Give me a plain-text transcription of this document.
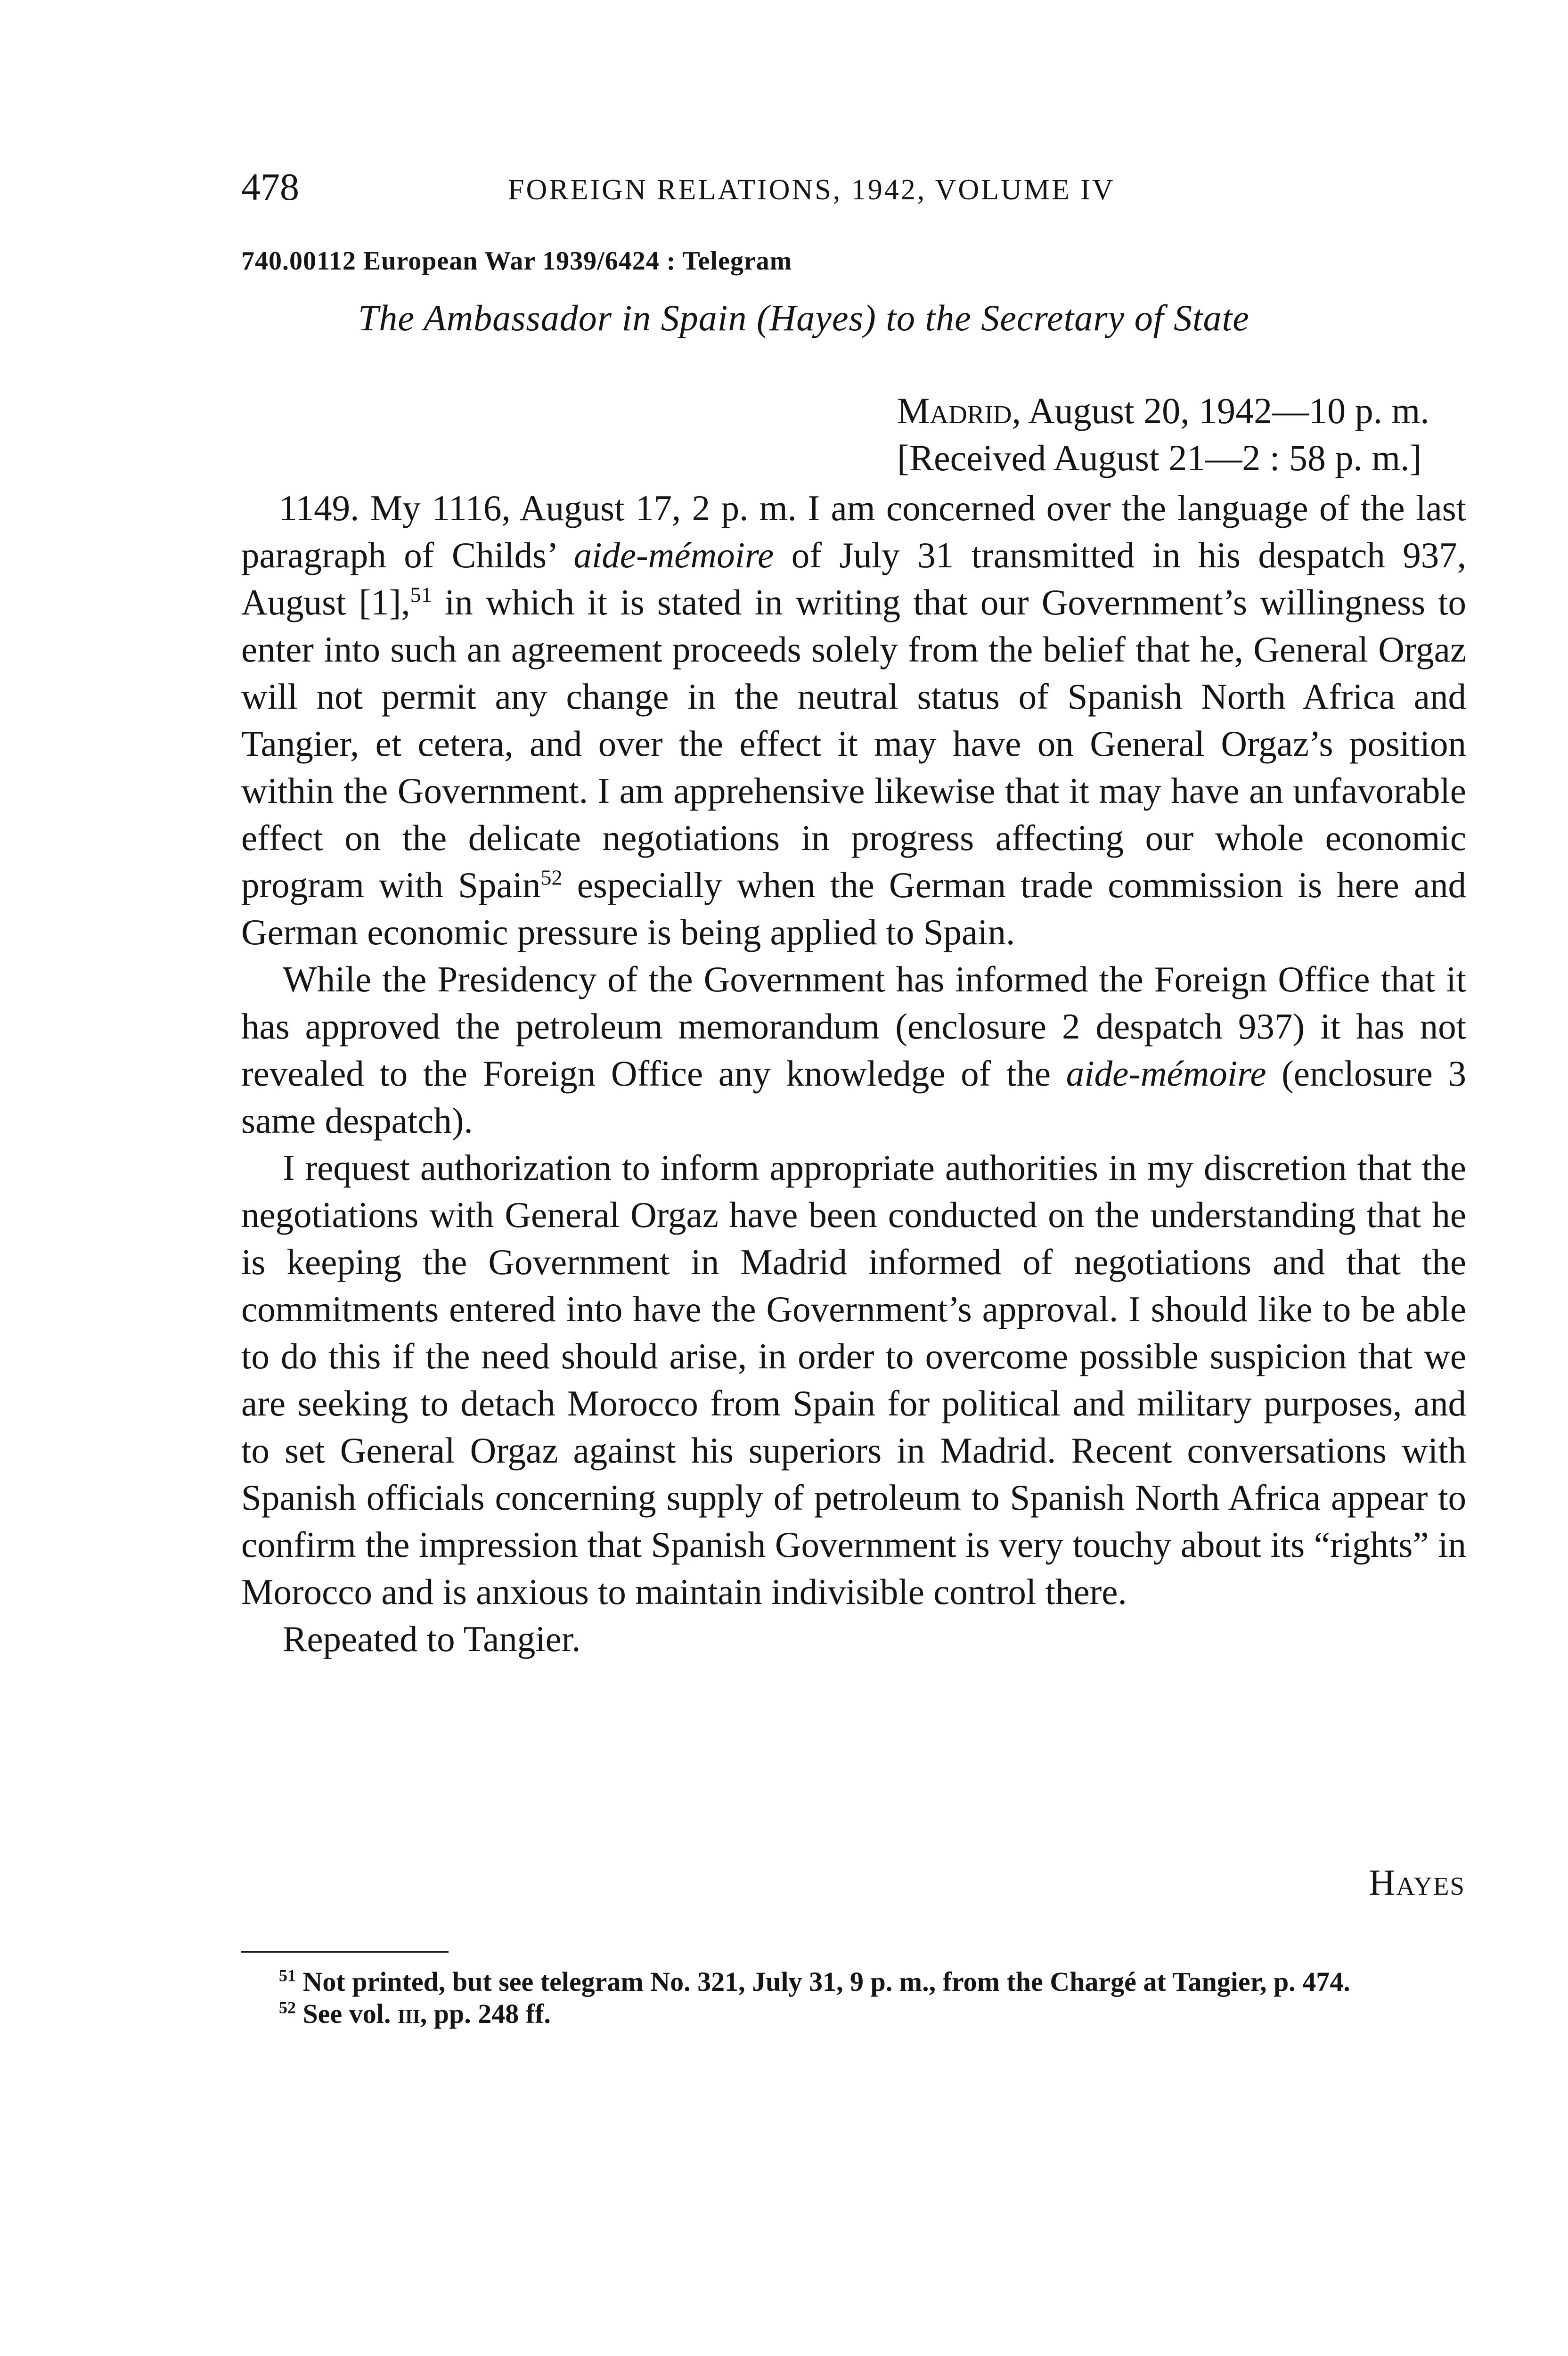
478	FOREIGN RELATIONS, 1942, VOLUME IV
740.00112 European War 1939/6424 : Telegram
The Ambassador in Spain (Hayes) to the Secretary of State
Madrid, August 20, 1942—10 p. m.
[Received August 21—2 : 58 p. m.]

1149. My 1116, August 17, 2 p. m. I am concerned over the language of the last paragraph of Childs’ aide-mémoire of July 31 transmitted in his despatch 937, August [1],$^{51}$ in which it is stated in writing that our Government’s willingness to enter into such an agreement proceeds solely from the belief that he, General Orgaz will not permit any change in the neutral status of Spanish North Africa and Tangier, et cetera, and over the effect it may have on General Orgaz’s position within the Government. I am apprehensive likewise that it may have an unfavorable effect on the delicate negotiations in progress affecting our whole economic program with Spain$^{52}$ especially when the German trade commission is here and German economic pressure is being applied to Spain.

While the Presidency of the Government has informed the Foreign Office that it has approved the petroleum memorandum (enclosure 2 despatch 937) it has not revealed to the Foreign Office any knowledge of the aide-mémoire (enclosure 3 same despatch).

I request authorization to inform appropriate authorities in my discretion that the negotiations with General Orgaz have been conducted on the understanding that he is keeping the Government in Madrid informed of negotiations and that the commitments entered into have the Government’s approval. I should like to be able to do this if the need should arise, in order to overcome possible suspicion that we are seeking to detach Morocco from Spain for political and military purposes, and to set General Orgaz against his superiors in Madrid. Recent conversations with Spanish officials concerning supply of petroleum to Spanish North Africa appear to confirm the impression that Spanish Government is very touchy about its “rights” in Morocco and is anxious to maintain indivisible control there.

Repeated to Tangier.

Hayes

$^{51}$ Not printed, but see telegram No. 321, July 31, 9 p. m., from the Chargé at Tangier, p. 474.

$^{52}$ See vol. iii, pp. 248 ff.
